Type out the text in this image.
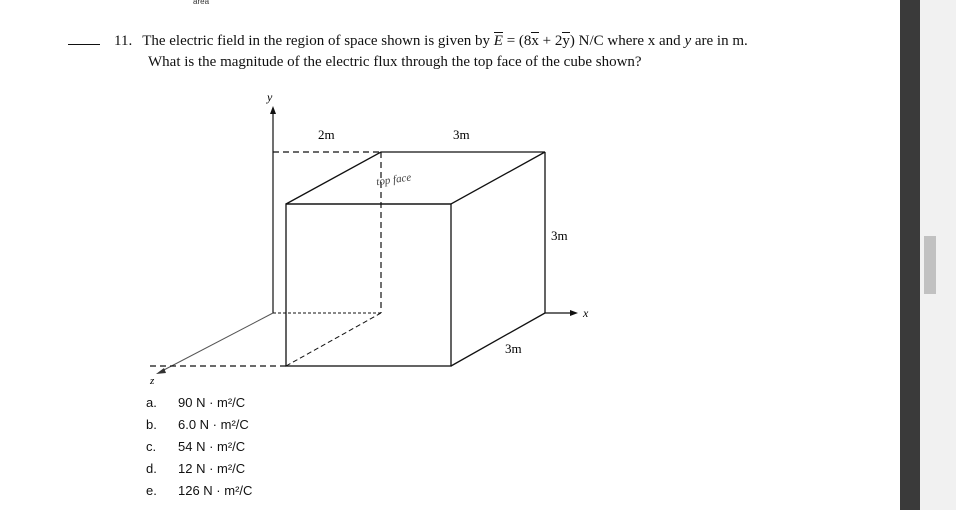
area
11. The electric field in the region of space shown is given by E = (8x + 2y) N/C where x and y are in m.
What is the magnitude of the electric flux through the top face of the cube shown?
y
x
z
top face
2m	3m
3m
3m
a.	90 N · m²/C
b.	6.0 N · m²/C
c.	54 N · m²/C
d.	12 N · m²/C
e.	126 N · m²/C
